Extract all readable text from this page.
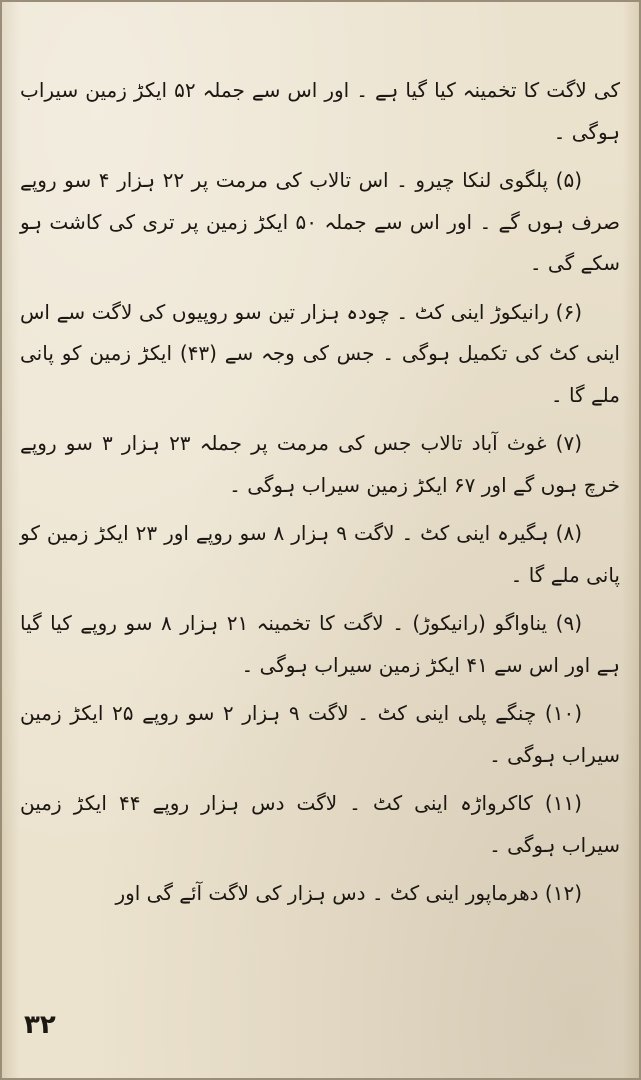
کی لاگت کا تخمینہ کیا گیا ہے ۔ اور اس سے جملہ ۵۲ ایکڑ زمین سیراب ہوگی ۔

(۵) پلگوی لنکا چیرو ۔ اس تالاب کی مرمت پر ۲۲ ہزار ۴ سو روپے صرف ہوں گے ۔ اور اس سے جملہ ۵۰ ایکڑ زمین پر تری کی کاشت ہو سکے گی ۔

(۶) رانیکوڑ اینی کٹ ۔ چودہ ہزار تین سو روپیوں کی لاگت سے اس اینی کٹ کی تکمیل ہوگی ۔ جس کی وجہ سے (۴۳) ایکڑ زمین کو پانی ملے گا ۔

(۷) غوث آباد تالاب جس کی مرمت پر جملہ ۲۳ ہزار ۳ سو روپے خرچ ہوں گے اور ۶۷ ایکڑ زمین سیراب ہوگی ۔

(۸) ہگیرہ اینی کٹ ۔ لاگت ۹ ہزار ۸ سو روپے اور ۲۳ ایکڑ زمین کو پانی ملے گا ۔

(۹) یناواگو (رانیکوڑ) ۔ لاگت کا تخمینہ ۲۱ ہزار ۸ سو روپے کیا گیا ہے اور اس سے ۴۱ ایکڑ زمین سیراب ہوگی ۔

(۱۰) چنگے پلی اینی کٹ ۔ لاگت ۹ ہزار ۲ سو روپے ۲۵ ایکڑ زمین سیراب ہوگی ۔

(۱۱) کاکرواڑہ اینی کٹ ۔ لاگت دس ہزار روپے ۴۴ ایکڑ زمین سیراب ہوگی ۔

(۱۲) دھرماپور اینی کٹ ۔ دس ہزار کی لاگت آئے گی اور

۳۲
